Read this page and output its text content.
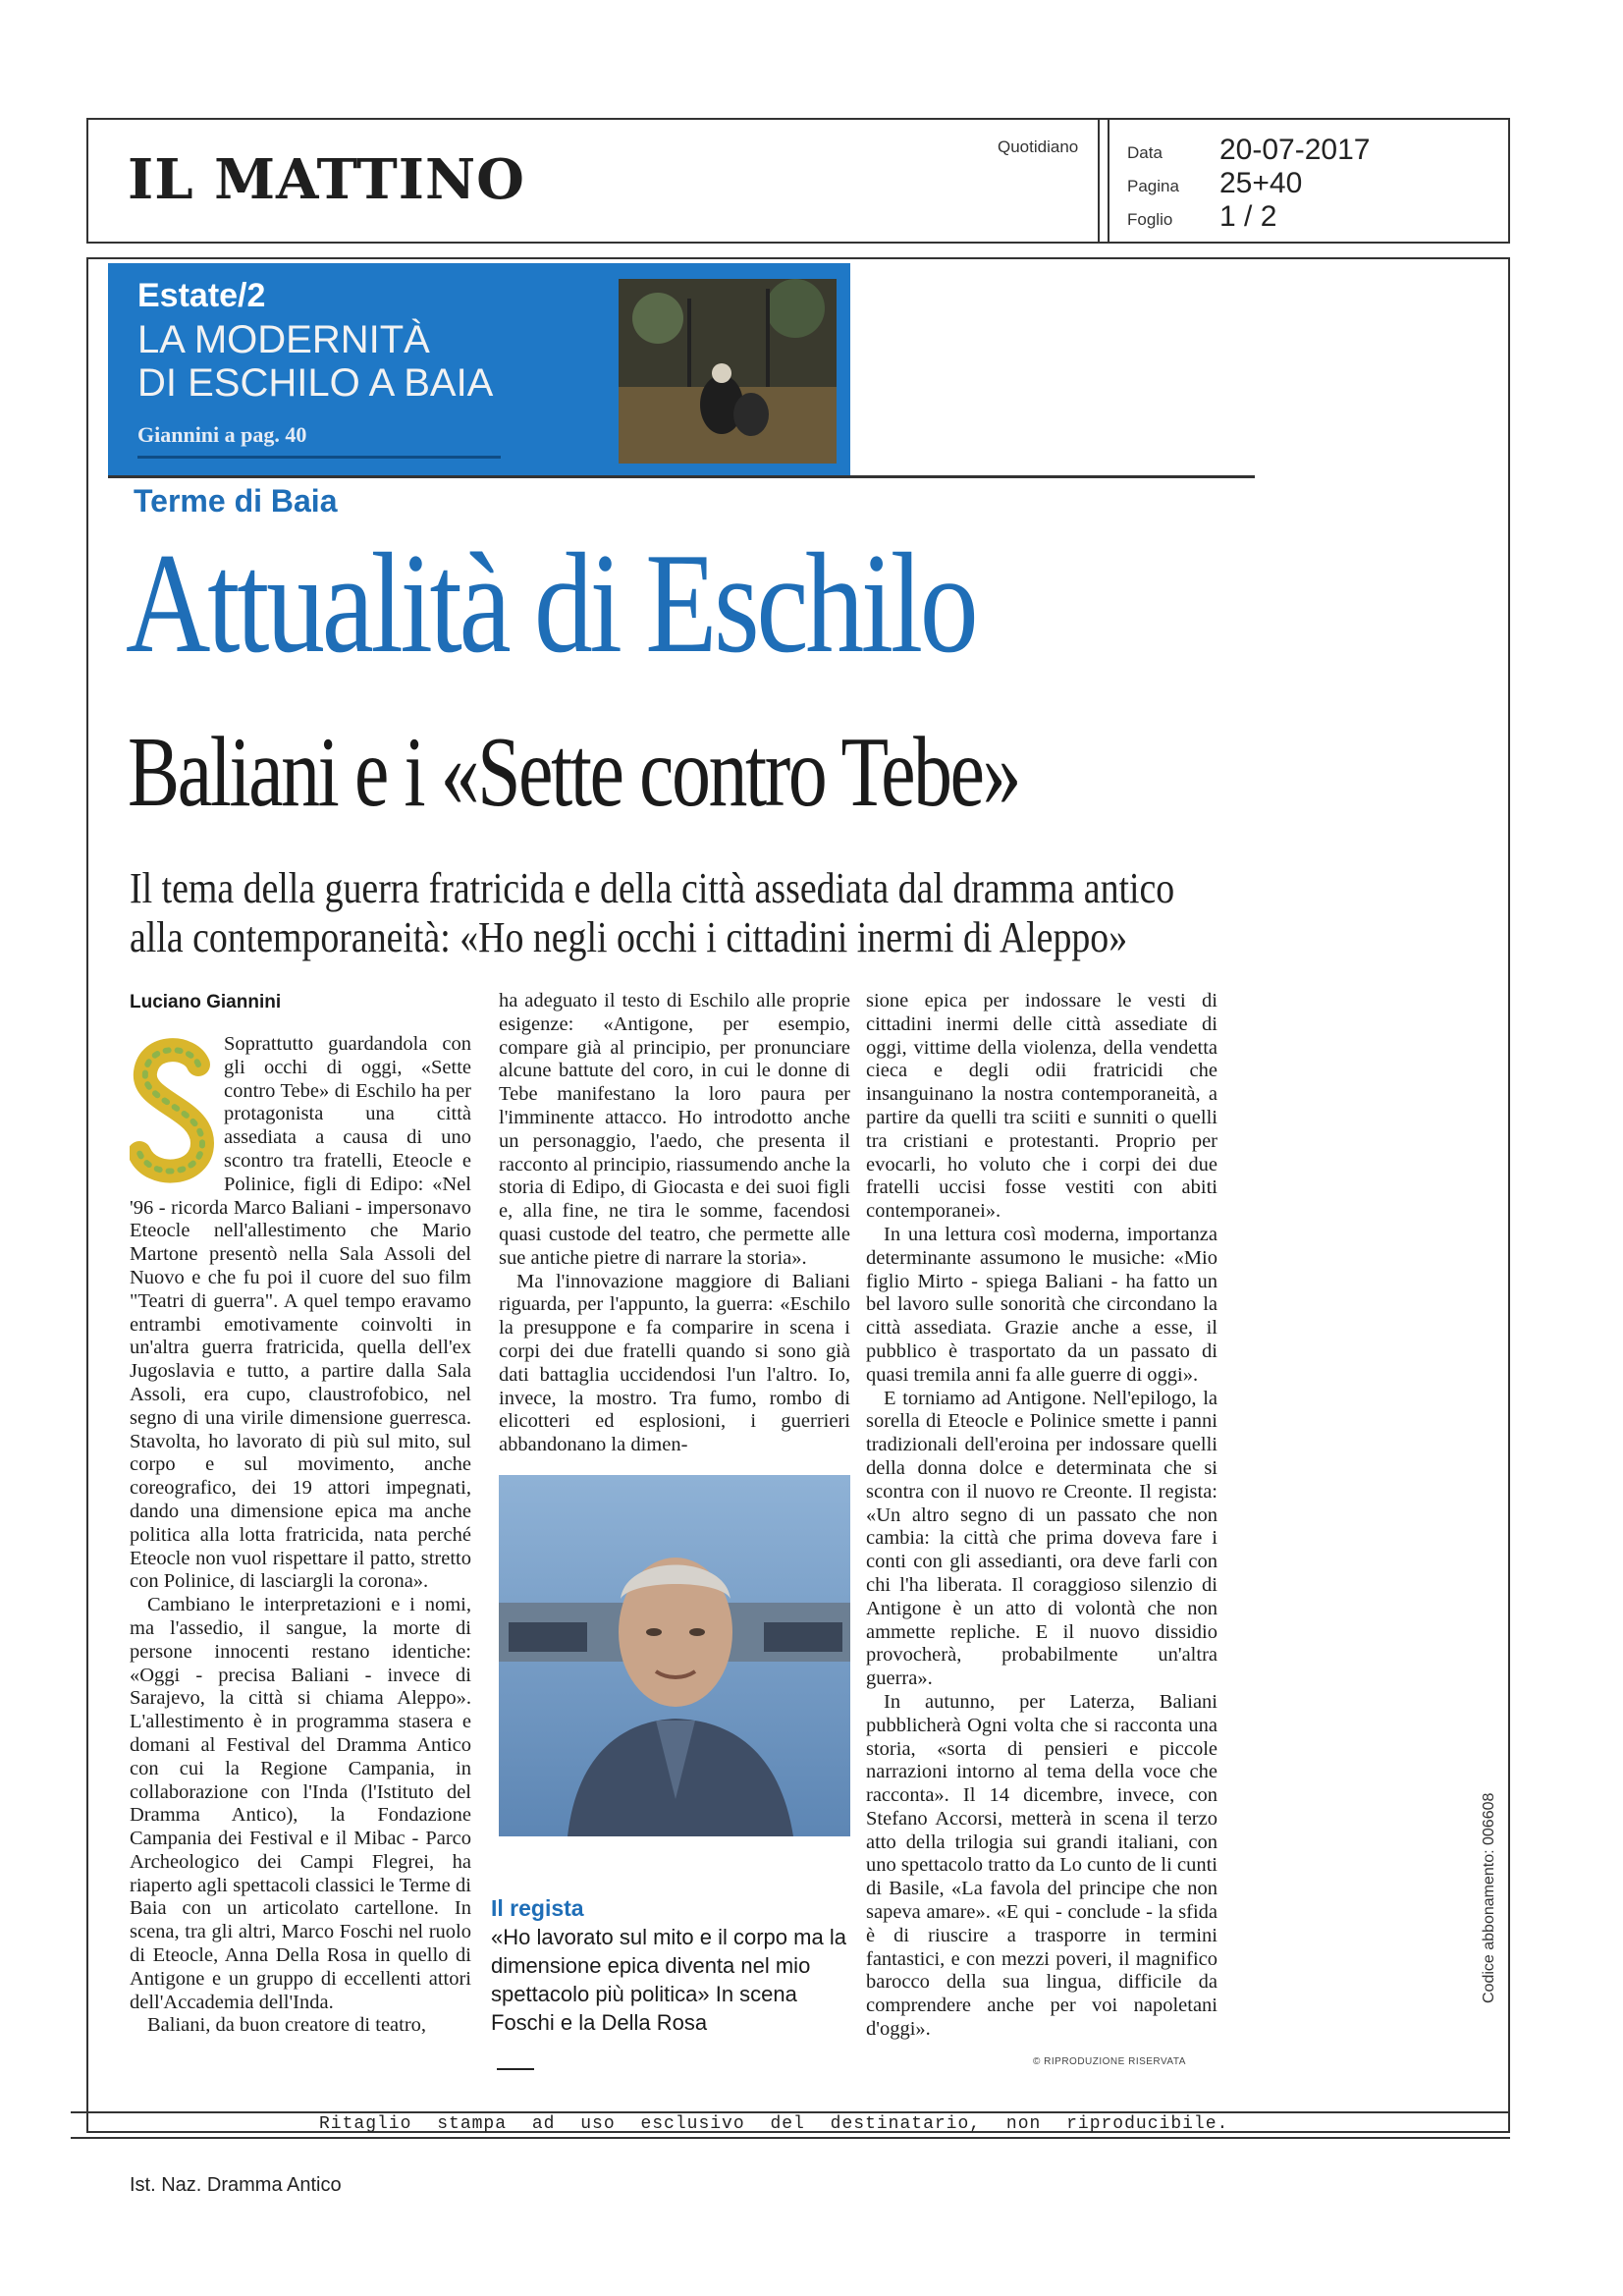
IL MATTINO
Quotidiano	Data	20-07-2017
Pagina	25+40
Foglio	1 / 2
Estate/2
LA MODERNITÀ
DI ESCHILO A BAIA
Giannini a pag. 40
Terme di Baia
Attualità di Eschilo
Baliani e i «Sette contro Tebe»
Il tema della guerra fratricida e della città assediata dal dramma antico
alla contemporaneità: «Ho negli occhi i cittadini inermi di Aleppo»
Luciano Giannini

Soprattutto guardandola con gli occhi di oggi, «Sette contro Tebe» di Eschilo ha per protagonista una città assediata a causa di uno scontro tra fratelli, Eteocle e Polinice, figli di Edipo: «Nel '96 - ricorda Marco Baliani - impersonavo Eteocle nell'allestimento che Mario Martone presentò nella Sala Assoli del Nuovo e che fu poi il cuore del suo film "Teatri di guerra". A quel tempo eravamo entrambi emotivamente coinvolti in un'altra guerra fratricida, quella dell'ex Jugoslavia e tutto, a partire dalla Sala Assoli, era cupo, claustrofobico, nel segno di una virile dimensione guerresca. Stavolta, ho lavorato di più sul mito, sul corpo e sul movimento, anche coreografico, dei 19 attori impegnati, dando una dimensione epica ma anche politica alla lotta fratricida, nata perché Eteocle non vuol rispettare il patto, stretto con Polinice, di lasciargli la corona».

Cambiano le interpretazioni e i nomi, ma l'assedio, il sangue, la morte di persone innocenti restano identiche: «Oggi - precisa Baliani - invece di Sarajevo, la città si chiama Aleppo». L'allestimento è in programma stasera e domani al Festival del Dramma Antico con cui la Regione Campania, in collaborazione con l'Inda (l'Istituto del Dramma Antico), la Fondazione Campania dei Festival e il Mibac - Parco Archeologico dei Campi Flegrei, ha riaperto agli spettacoli classici le Terme di Baia con un articolato cartellone. In scena, tra gli altri, Marco Foschi nel ruolo di Eteocle, Anna Della Rosa in quello di Antigone e un gruppo di eccellenti attori dell'Accademia dell'Inda.

Baliani, da buon creatore di teatro,

ha adeguato il testo di Eschilo alle proprie esigenze: «Antigone, per esempio, compare già al principio, per pronunciare alcune battute del coro, in cui le donne di Tebe manifestano la loro paura per l'imminente attacco. Ho introdotto anche un personaggio, l'aedo, che presenta il racconto al principio, riassumendo anche la storia di Edipo, di Giocasta e dei suoi figli e, alla fine, ne tira le somme, facendosi quasi custode del teatro, che permette alle sue antiche pietre di narrare la storia».

Ma l'innovazione maggiore di Baliani riguarda, per l'appunto, la guerra: «Eschilo la presuppone e fa comparire in scena i corpi dei due fratelli quando si sono già dati battaglia uccidendosi l'un l'altro. Io, invece, la mostro. Tra fumo, rombo di elicotteri ed esplosioni, i guerrieri abbandonano la dimen-

Il regista
«Ho lavorato sul mito e il corpo ma la dimensione epica diventa nel mio spettacolo più politica» In scena Foschi e la Della Rosa

sione epica per indossare le vesti di cittadini inermi delle città assediate di oggi, vittime della violenza, della vendetta cieca e degli odii fratricidi che insanguinano la nostra contemporaneità, a partire da quelli tra sciiti e sunniti o quelli tra cristiani e protestanti. Proprio per evocarli, ho voluto che i corpi dei due fratelli uccisi fosse vestiti con abiti contemporanei».

In una lettura così moderna, importanza determinante assumono le musiche: «Mio figlio Mirto - spiega Baliani - ha fatto un bel lavoro sulle sonorità che circondano la città assediata. Grazie anche a esse, il pubblico è trasportato da un passato di quasi tremila anni fa alle guerre di oggi».

E torniamo ad Antigone. Nell'epilogo, la sorella di Eteocle e Polinice smette i panni tradizionali dell'eroina per indossare quelli della donna dolce e determinata che si scontra con il nuovo re Creonte. Il regista: «Un altro segno di un passato che non cambia: la città che prima doveva fare i conti con gli assedianti, ora deve farli con chi l'ha liberata. Il coraggioso silenzio di Antigone è un atto di volontà che non ammette repliche. E il nuovo dissidio provocherà, probabilmente un'altra guerra».

In autunno, per Laterza, Baliani pubblicherà Ogni volta che si racconta una storia, «sorta di pensieri e piccole narrazioni intorno al tema della voce che racconta». Il 14 dicembre, invece, con Stefano Accorsi, metterà in scena il terzo atto della trilogia sui grandi italiani, con uno spettacolo tratto da Lo cunto de li cunti di Basile, «La favola del principe che non sapeva amare». «E qui - conclude - la sfida è di riuscire a trasporre in termini fantastici, e con mezzi poveri, il magnifico barocco della sua lingua, difficile da comprendere anche per voi napoletani d'oggi».

© RIPRODUZIONE RISERVATA
Codice abbonamento: 006608
Ritaglio stampa ad uso esclusivo del destinatario, non riproducibile.
Ist. Naz. Dramma Antico
